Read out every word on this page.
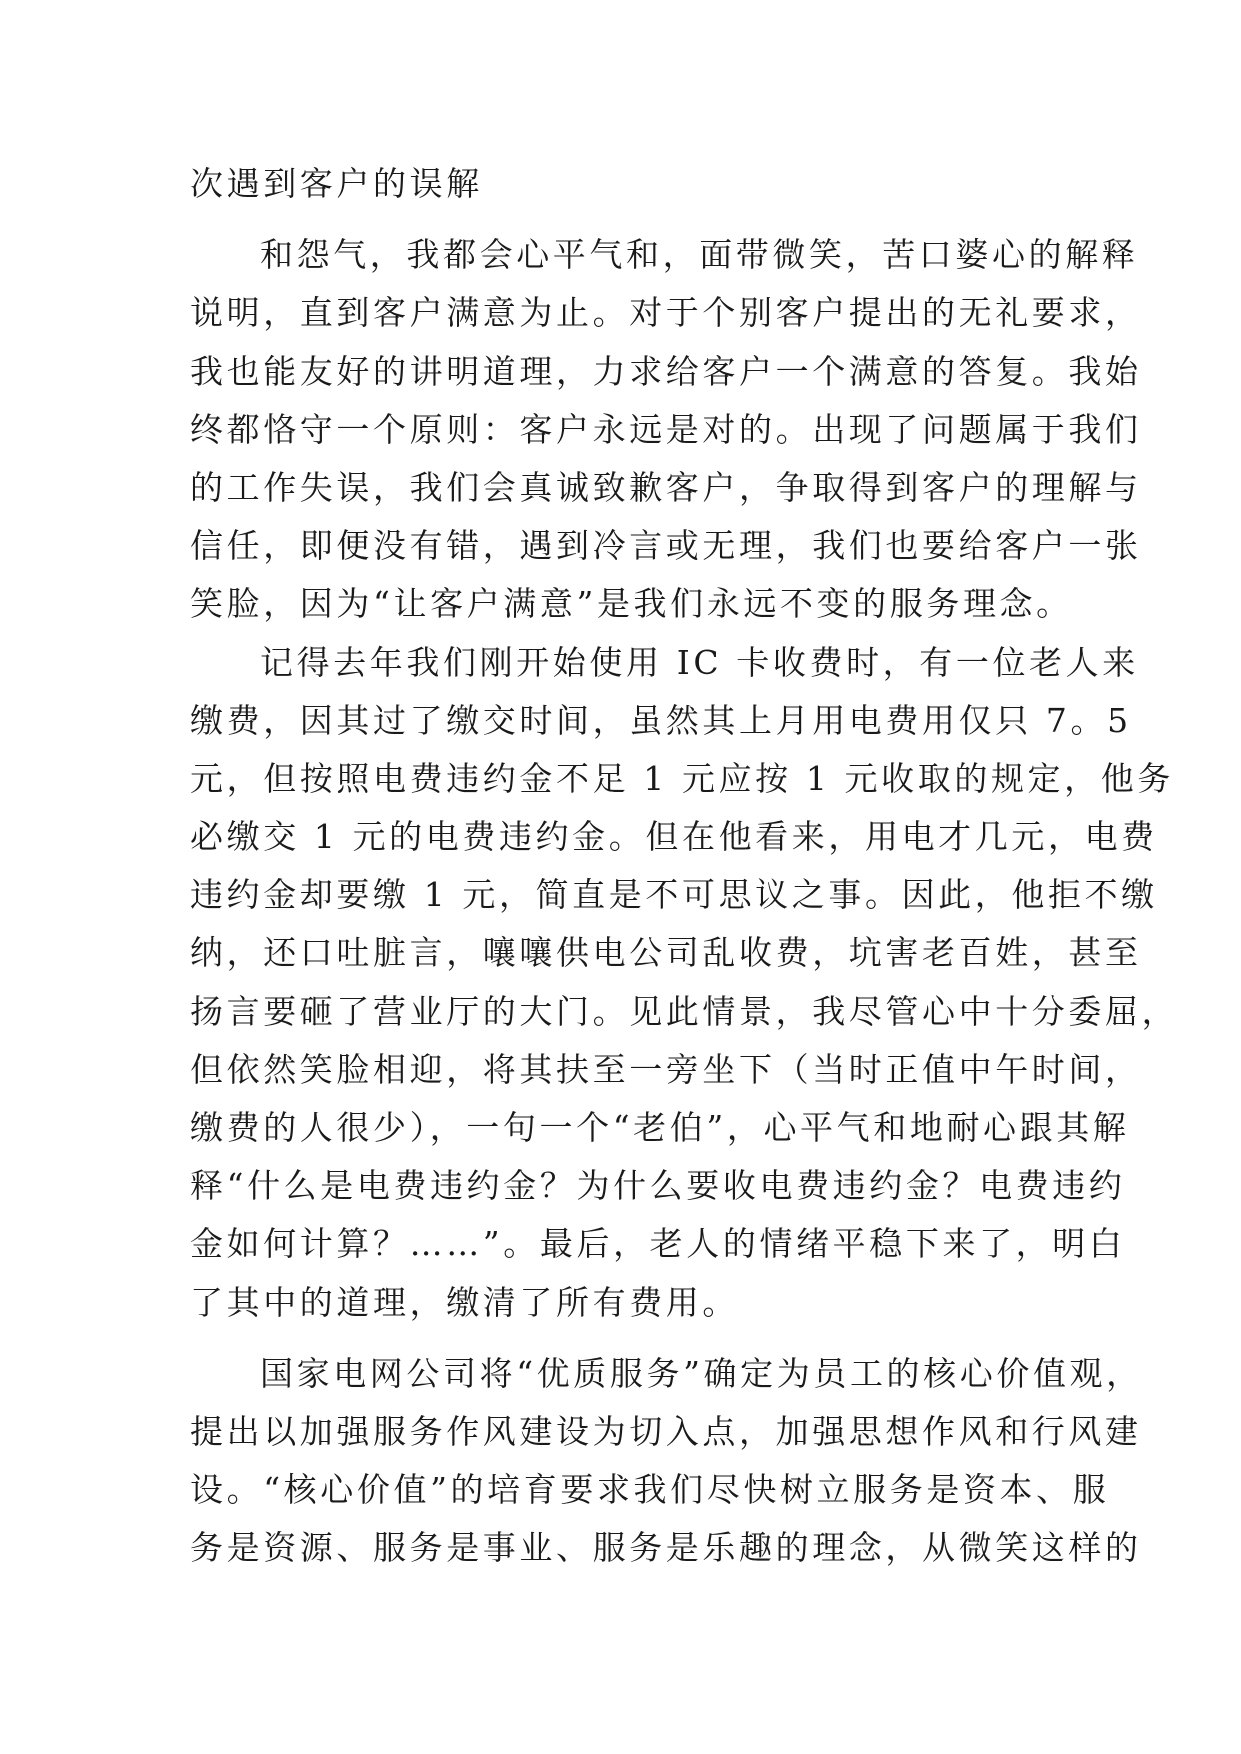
次遇到客户的误解
和怨气，我都会心平气和，面带微笑，苦口婆心的解释
说明，直到客户满意为止。对于个别客户提出的无礼要求，
我也能友好的讲明道理，力求给客户一个满意的答复。我始
终都恪守一个原则：客户永远是对的。出现了问题属于我们
的工作失误，我们会真诚致歉客户，争取得到客户的理解与
信任，即便没有错，遇到冷言或无理，我们也要给客户一张
笑脸，因为“让客户满意”是我们永远不变的服务理念。
记得去年我们刚开始使用 IC 卡收费时，有一位老人来
缴费，因其过了缴交时间，虽然其上月用电费用仅只 7。5
元，但按照电费违约金不足 1 元应按 1 元收取的规定，他务
必缴交 1 元的电费违约金。但在他看来，用电才几元，电费
违约金却要缴 1 元，简直是不可思议之事。因此，他拒不缴
纳，还口吐脏言，嚷嚷供电公司乱收费，坑害老百姓，甚至
扬言要砸了营业厅的大门。见此情景，我尽管心中十分委屈，
但依然笑脸相迎，将其扶至一旁坐下（当时正值中午时间，
缴费的人很少），一句一个“老伯”，心平气和地耐心跟其解
释“什么是电费违约金？为什么要收电费违约金？电费违约
金如何计算？……”。最后，老人的情绪平稳下来了，明白
了其中的道理，缴清了所有费用。
国家电网公司将“优质服务”确定为员工的核心价值观，
提出以加强服务作风建设为切入点，加强思想作风和行风建
设。“核心价值”的培育要求我们尽快树立服务是资本、服
务是资源、服务是事业、服务是乐趣的理念，从微笑这样的
